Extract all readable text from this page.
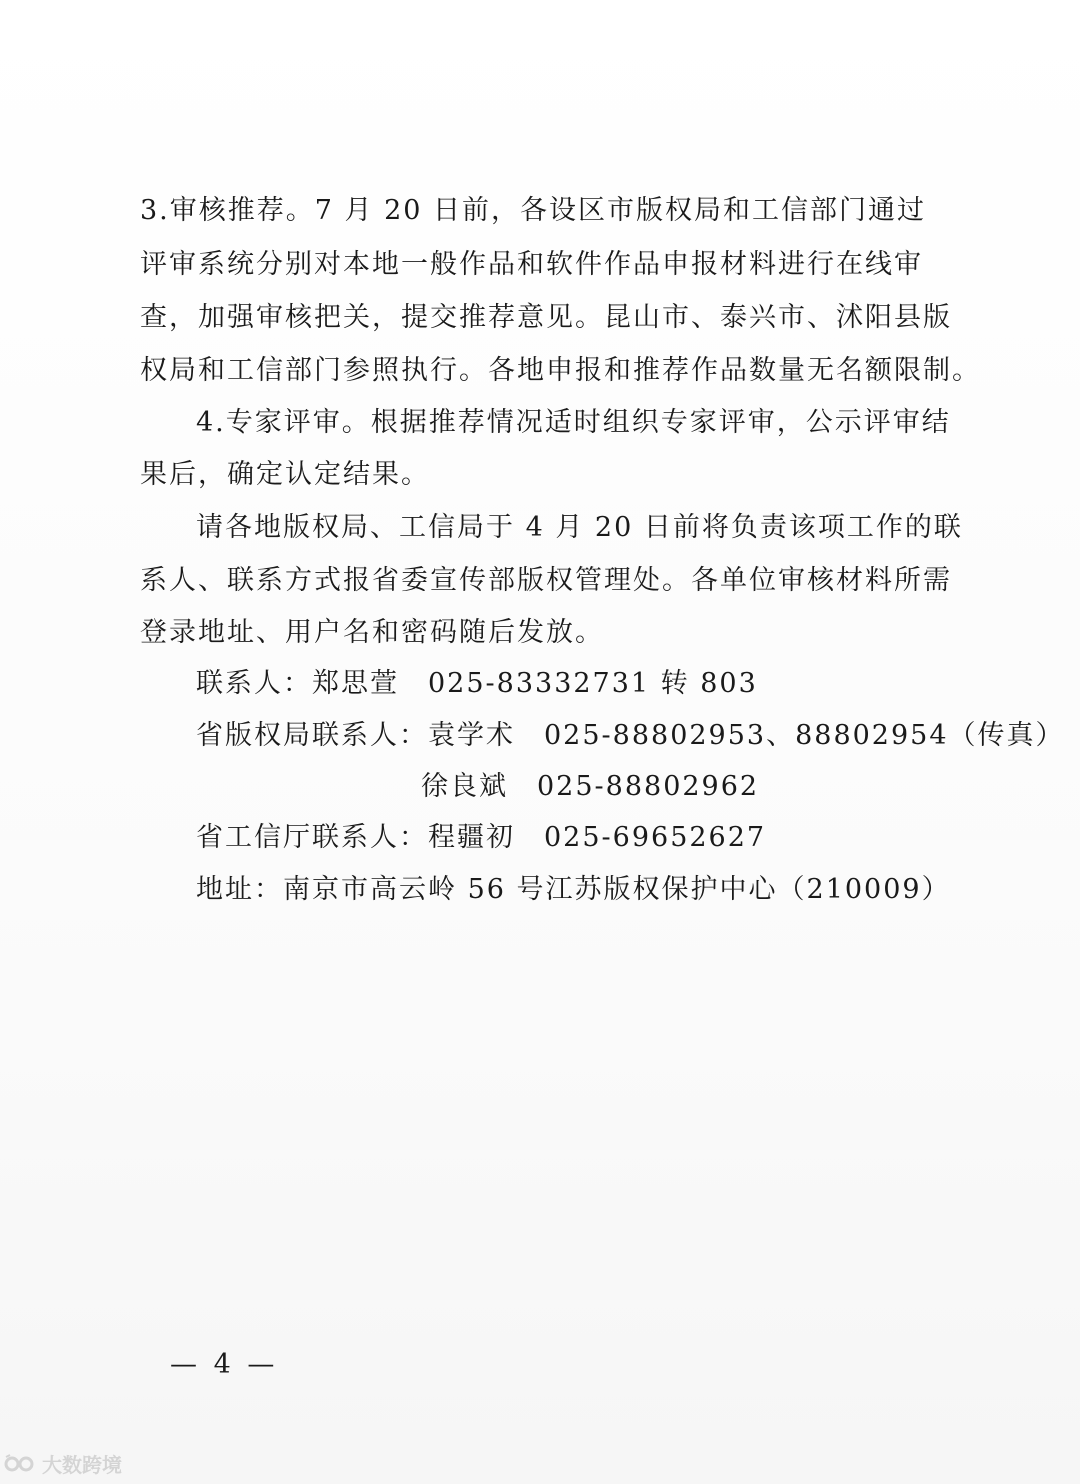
3.审核推荐。7 月 20 日前，各设区市版权局和工信部门通过
评审系统分别对本地一般作品和软件作品申报材料进行在线审
查，加强审核把关，提交推荐意见。昆山市、泰兴市、沭阳县版
权局和工信部门参照执行。各地申报和推荐作品数量无名额限制。
4.专家评审。根据推荐情况适时组织专家评审，公示评审结
果后，确定认定结果。
请各地版权局、工信局于 4 月 20 日前将负责该项工作的联
系人、联系方式报省委宣传部版权管理处。各单位审核材料所需
登录地址、用户名和密码随后发放。
联系人：郑思萱　025-83332731 转 803
省版权局联系人：袁学术　025-88802953、88802954（传真）
徐良斌　025-88802962
省工信厅联系人：程疆初　025-69652627
地址：南京市高云岭 56 号江苏版权保护中心（210009）
— 4 —
大数跨境
